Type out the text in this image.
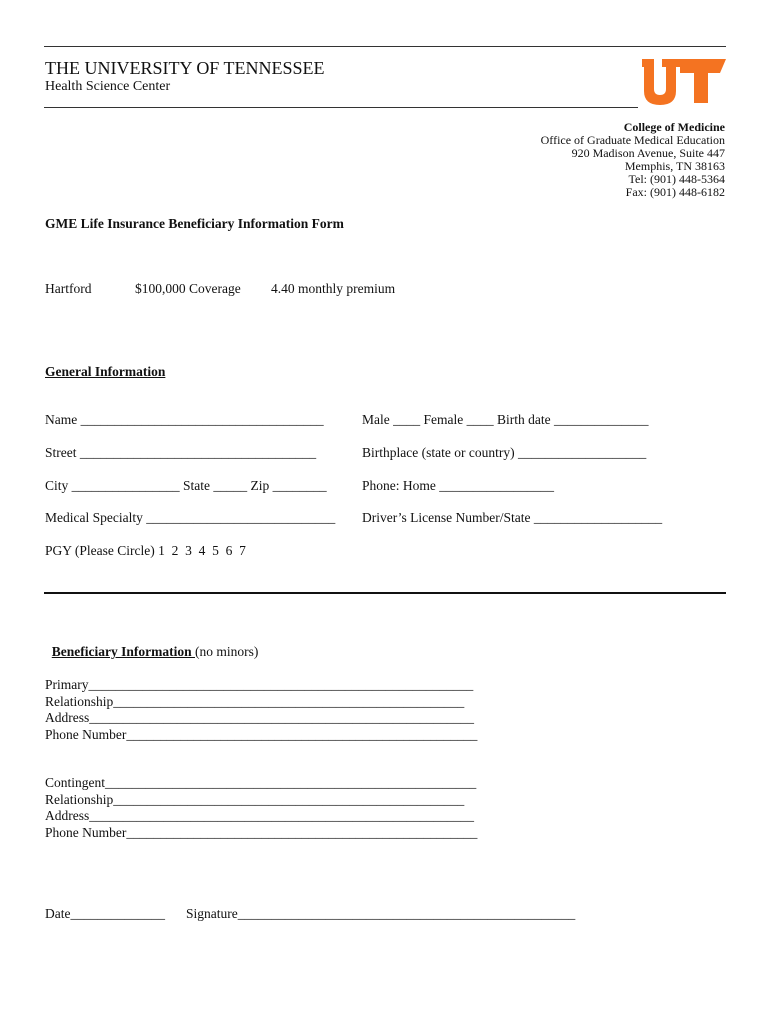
THE UNIVERSITY OF TENNESSEE
Health Science Center
College of Medicine
Office of Graduate Medical Education
920 Madison Avenue, Suite 447
Memphis, TN 38163
Tel: (901) 448-5364
Fax: (901) 448-6182
GME Life Insurance Beneficiary Information Form
Hartford	$100,000 Coverage 4.40 monthly premium
General Information
Name ____________________________________	Male ____ Female ____ Birth date ______________
Street ___________________________________	Birthplace (state or country) ___________________
City ________________ State _____ Zip ________	Phone: Home _________________
Medical Specialty ____________________________ Driver’s License Number/State ___________________
PGY (Please Circle) 1  2  3  4  5  6  7

Beneficiary Information (no minors)

Primary_________________________________________________________
Relationship____________________________________________________
Address_________________________________________________________
Phone Number____________________________________________________
Contingent_______________________________________________________
Relationship____________________________________________________
Address_________________________________________________________
Phone Number____________________________________________________
Date______________ Signature__________________________________________________
